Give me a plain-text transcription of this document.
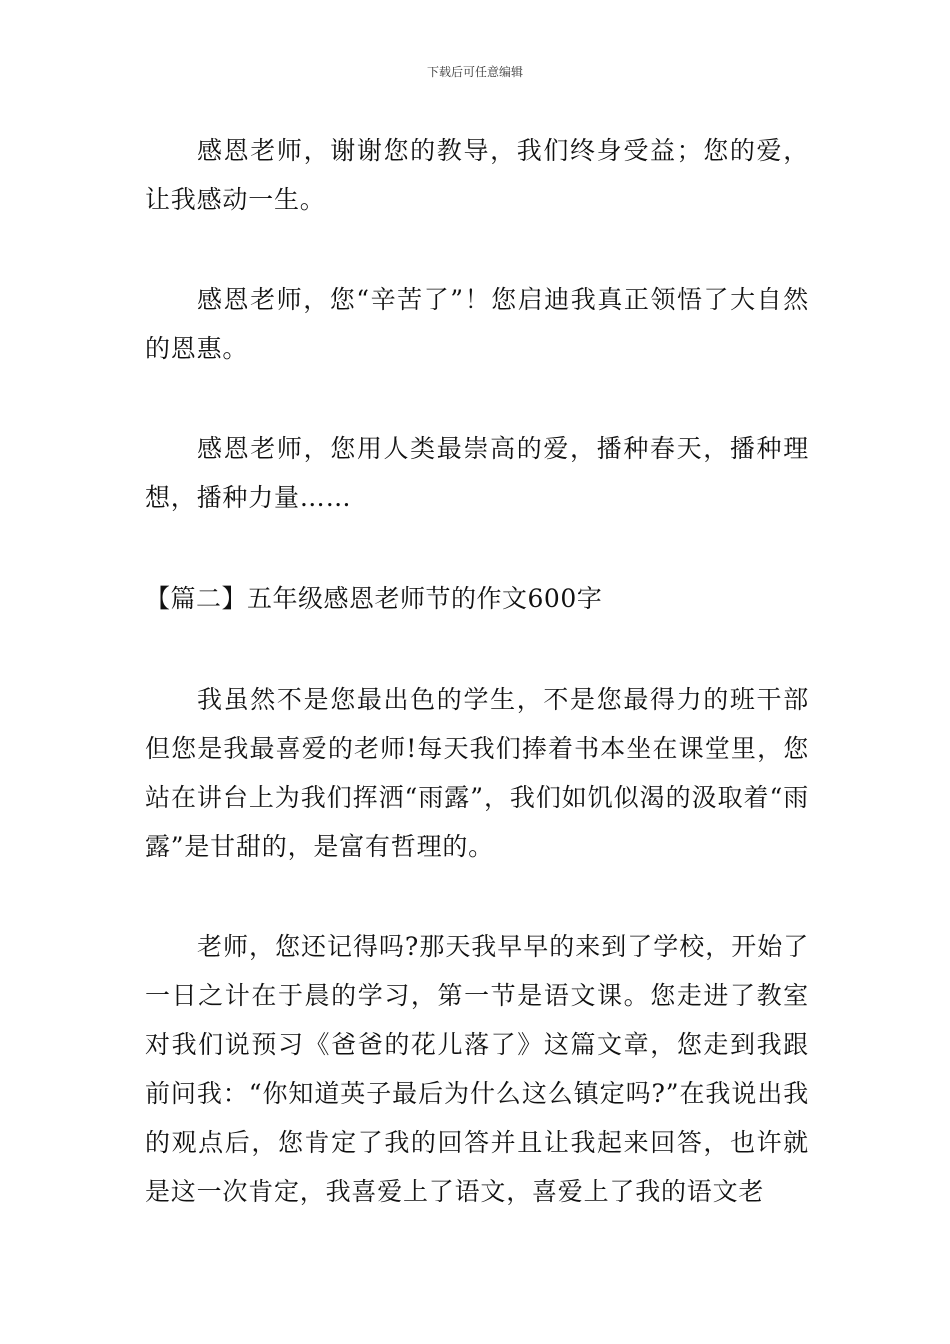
下载后可任意编辑

感恩老师，谢谢您的教导，我们终身受益；您的爱，让我感动一生。

感恩老师，您“辛苦了”！您启迪我真正领悟了大自然的恩惠。

感恩老师，您用人类最崇高的爱，播种春天，播种理想，播种力量……

【篇二】五年级感恩老师节的作文600字

我虽然不是您最出色的学生，不是您最得力的班干部但您是我最喜爱的老师!每天我们捧着书本坐在课堂里，您站在讲台上为我们挥洒“雨露”，我们如饥似渴的汲取着“雨露”是甘甜的，是富有哲理的。

老师，您还记得吗?那天我早早的来到了学校，开始了一日之计在于晨的学习，第一节是语文课。您走进了教室对我们说预习《爸爸的花儿落了》这篇文章，您走到我跟前问我：“你知道英子最后为什么这么镇定吗?”在我说出我的观点后，您肯定了我的回答并且让我起来回答，也许就是这一次肯定，我喜爱上了语文，喜爱上了我的语文老
